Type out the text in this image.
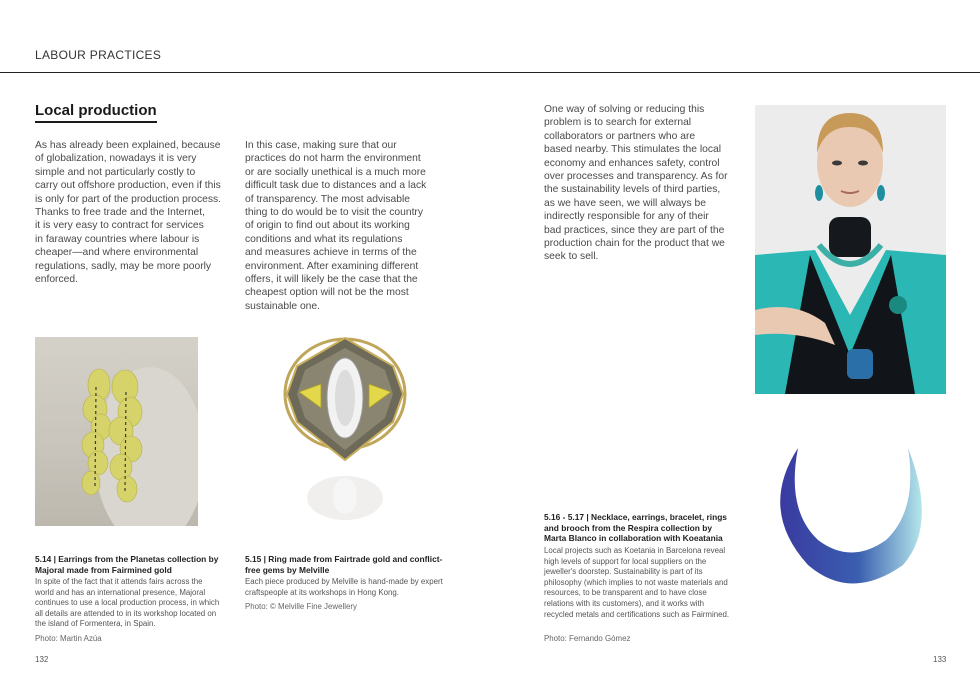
LABOUR PRACTICES
Local production

As has already been explained, because
of globalization, nowadays it is very
simple and not particularly costly to
carry out offshore production, even if this
is only for part of the production process.
Thanks to free trade and the Internet,
it is very easy to contract for services
in faraway countries where labour is
cheaper—and where environmental
regulations, sadly, may be more poorly
enforced.

In this case, making sure that our
practices do not harm the environment
or are socially unethical is a much more
difficult task due to distances and a lack
of transparency. The most advisable
thing to do would be to visit the country
of origin to find out about its working
conditions and what its regulations
and measures achieve in terms of the
environment. After examining different
offers, it will likely be the case that the
cheapest option will not be the most
sustainable one.

One way of solving or reducing this
problem is to search for external
collaborators or partners who are
based nearby. This stimulates the local
economy and enhances safety, control
over processes and transparency. As for
the sustainability levels of third parties,
as we have seen, we will always be
indirectly responsible for any of their
bad practices, since they are part of the
production chain for the product that we
seek to sell.

5.14 | Earrings from the Planetas collection by Majoral made from Fairmined gold
In spite of the fact that it attends fairs across the world and has an international presence, Majoral continues to use a local production process, in which all details are attended to in its workshop located on the island of Formentera, in Spain.
Photo: Martin Azúa
5.15 | Ring made from Fairtrade gold and conflict-free gems by Melville
Each piece produced by Melville is hand-made by expert craftspeople at its workshops in Hong Kong.
Photo: © Melville Fine Jewellery
5.16 - 5.17 | Necklace, earrings, bracelet, rings and brooch from the Respira collection by Marta Blanco in collaboration with Koeatania
Local projects such as Koetania in Barcelona reveal high levels of support for local suppliers on the jeweller's doorstep. Sustainability is part of its philosophy (which implies to not waste materials and resources, to be transparent and to have close relations with its customers), and it works with recycled metals and certifications such as Fairmined.
Photo: Fernando Gómez
132	133
